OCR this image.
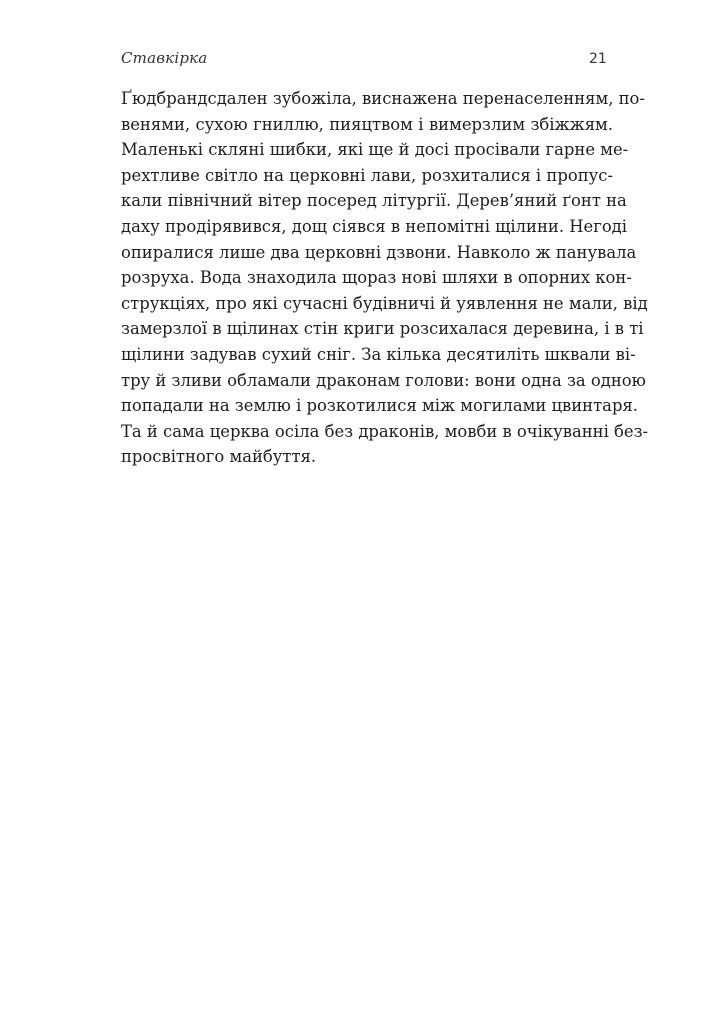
Ставкірка	21
Ґюдбрандсдален зубожіла, виснажена перенаселенням, по-
венями, сухою гниллю, пияцтвом і вимерзлим збіжжям.
Маленькі скляні шибки, які ще й досі просівали гарне ме-
рехтливе світло на церковні лави, розхиталися і пропус-
кали північний вітер посеред літургії. Дерев’яний ґонт на
даху продірявився, дощ сіявся в непомітні щілини. Негоді
опиралися лише два церковні дзвони. Навколо ж панувала
розруха. Вода знаходила щораз нові шляхи в опорних кон-
струкціях, про які сучасні будівничі й уявлення не мали, від
замерзлої в щілинах стін криги розсихалася деревина, і в ті
щілини задував сухий сніг. За кілька десятиліть шквали ві-
тру й зливи обламали драконам голови: вони одна за одною
попадали на землю і розкотилися між могилами цвинтаря.
Та й сама церква осіла без драконів, мовби в очікуванні без-
просвітного майбуття.
